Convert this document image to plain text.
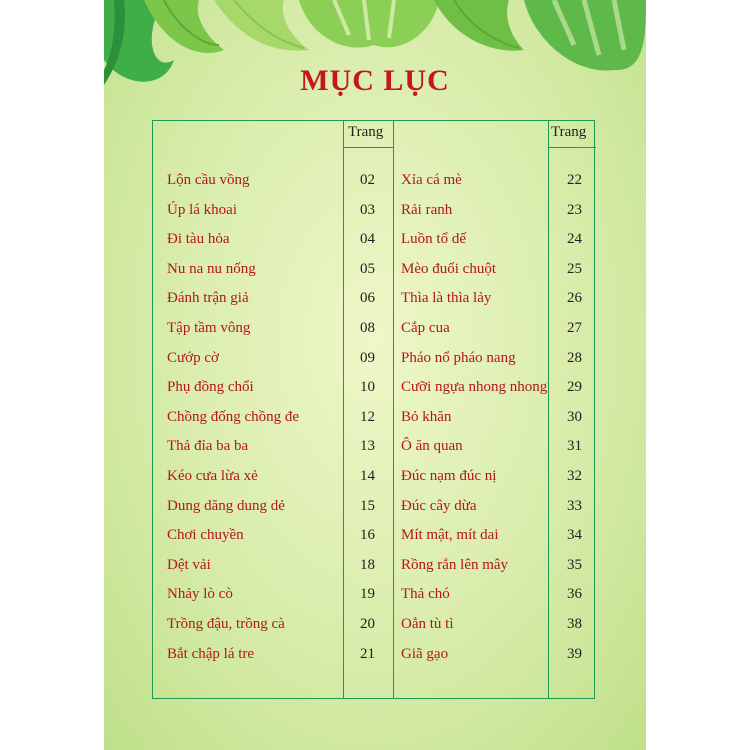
MỤC LỤC
Trang	Trang
Lộn cầu vồng	02
Úp lá khoai	03
Đi tàu hỏa	04
Nu na nu nống	05
Đánh trận giả	06
Tập tầm vông	08
Cướp cờ	09
Phụ đồng chổi	10
Chồng đống chồng đe	12
Thả đỉa ba ba	13
Kéo cưa lừa xẻ	14
Dung dăng dung dẻ	15
Chơi chuyền	16
Dệt vải	18
Nhảy lò cò	19
Trồng đậu, trồng cà	20
Bắt chập lá tre	21
Xỉa cá mè	22
Rải ranh	23
Luồn tổ dế	24
Mèo đuổi chuột	25
Thìa là thìa lảy	26
Cắp cua	27
Pháo nổ pháo nang	28
Cưỡi ngựa nhong nhong	29
Bỏ khăn	30
Ô ăn quan	31
Đúc nạm đúc nị	32
Đúc cây dừa	33
Mít mật, mít dai	34
Rồng rắn lên mây	35
Thả chó	36
Oẳn tù tì	38
Giã gạo	39
